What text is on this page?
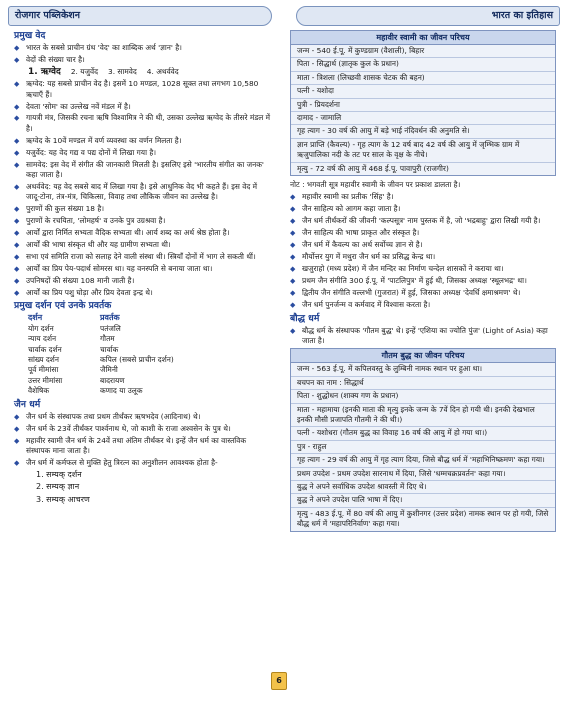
रोजगार पब्लिकेशन	भारत का इतिहास
प्रमुख वेद
◆ भारत के सबसे प्राचीन ग्रंथ 'वेद' का शाब्दिक अर्थ 'ज्ञान' है।
◆ वेदों की संख्या चार है।
1. ऋग्वेद 2. यजुर्वेद 3. सामवेद 4. अथर्ववेद
◆ ऋग्वेद: यह सबसे प्राचीन वेद है। इसमें 10 मण्डल, 1028 सूक्त तथा लगभग 10,580 ऋचाएँ हैं।
◆ देवता 'सोम' का उल्लेख नवें मंडल में है।
◆ गायत्री मंत्र, जिसकी रचना ऋषि विश्वामित्र ने की थी, उसका उल्लेख ऋग्वेद के तीसरे मंडल में है।
◆ ऋग्वेद के 10वें मण्डल में वर्ण व्यवस्था का वर्णन मिलता है।
◆ यजुर्वेद: यह वेद गद्य व पद्य दोनों में लिखा गया है।
◆ सामवेद: इस वेद में संगीत की जानकारी मिलती है। इसलिए इसे 'भारतीय संगीत का जनक' कहा जाता है।
◆ अथर्ववेद: यह वेद सबसे बाद में लिखा गया है। इसे आधुनिक वेद भी कहते हैं। इस वेद में जादू-टोना, तंत्र-मंत्र, चिकित्सा, विवाह तथा लौकिक जीवन का उल्लेख है।
◆ पुराणों की कुल संख्या 18 है।
◆ पुराणों के रचयिता, 'लोमहर्ष' व उनके पुत्र उग्रश्रवा है।
◆ आर्यों द्वारा निर्मित सभ्यता वैदिक सभ्यता थी। आर्य शब्द का अर्थ श्रेष्ठ होता है।
◆ आर्यों की भाषा संस्कृत थी और यह ग्रामीण सभ्यता थी।
◆ सभा एवं समिति राजा को सलाह देने वाली संस्था थी। स्त्रियाँ दोनों में भाग ले सकती थीं।
◆ आर्यों का प्रिय पेय-पदार्थ सोमरस था। यह वनस्पति से बनाया जाता था।
◆ उपनिषदों की संख्या 108 मानी जाती है।
◆ आर्यों का प्रिय पशु घोड़ा और प्रिय देवता इन्द्र थे।
प्रमुख दर्शन एवं उनके प्रवर्तक
दर्शन	प्रवर्तक
योग दर्शन	पतंजलि
न्याय दर्शन	गौतम
चार्वाक दर्शन	चार्वाक
सांख्य दर्शन	कपिल (सबसे प्राचीन दर्शन)
पूर्व मीमांसा	जैमिनी
उत्तर मीमांसा	बादरायण
वैशेषिक	कणाद या उलूक
जैन धर्म
◆ जैन धर्म के संस्थापक तथा प्रथम तीर्थंकर ऋषभदेव (आदिनाथ) थे।
◆ जैन धर्म के 23वें तीर्थंकर पार्श्वनाथ थे, जो काशी के राजा अश्वसेन के पुत्र थे।
◆ महावीर स्वामी जैन धर्म के 24वें तथा अंतिम तीर्थंकर थे। इन्हें जैन धर्म का वास्तविक संस्थापक माना जाता है।
◆ जैन धर्म में कर्मफल से मुक्ति हेतु त्रिरत्न का अनुशीलन आवश्यक होता है-
1. सम्यक् दर्शन
2. सम्यक् ज्ञान
3. सम्यक् आचरण
महावीर स्वामी का जीवन परिचय
जन्म - 540 ई.पू. में कुण्डग्राम (वैशाली), बिहार
पिता - सिद्धार्थ (ज्ञातृक कुल के प्रधान)
माता - त्रिशला (लिच्छवी शासक चेटक की बहन)
पत्नी - यशोदा
पुत्री - प्रियदर्शना
दामाद - जामालि
गृह त्याग - 30 वर्ष की आयु में बड़े भाई नंदिवर्धन की अनुमति से।
ज्ञान प्राप्ति (कैवल्य) - गृह त्याग के 12 वर्ष बाद 42 वर्ष की आयु में जृम्भिक ग्राम में ऋजुपालिका नदी के तट पर साल के वृक्ष के नीचे।
मृत्यु - 72 वर्ष की आयु में 468 ई.पू. पावापुरी (राजगीर)
नोट : भगवती सूत्र महावीर स्वामी के जीवन पर प्रकाश डालता है।
◆ महावीर स्वामी का प्रतीक 'सिंह' है।
◆ जैन साहित्य को आगम कहा जाता है।
◆ जैन धर्म तीर्थंकरों की जीवनी 'कल्पसूत्र' नाम पुस्तक में है, जो 'भद्रबाहु' द्वारा लिखी गयी है।
◆ जैन साहित्य की भाषा प्राकृत और संस्कृत है।
◆ जैन धर्म में कैवल्य का अर्थ सर्वोच्च ज्ञान से है।
◆ मौर्योत्तर युग में मथुरा जैन धर्म का प्रसिद्ध केन्द्र था।
◆ खजुराहो (मध्य प्रदेश) में जैन मन्दिर का निर्माण चन्देल शासकों ने कराया था।
◆ प्रथम जैन संगीति 300 ई.पू. में 'पाटलिपुत्र' में हुई थी, जिसका अध्यक्ष 'स्थूलभद्र' था।
◆ द्वितीय जैन संगीति वल्लभी (गुजरात) में हुई, जिसका अध्यक्ष 'देवर्धि क्षमाश्रमण' थे।
◆ जैन धर्म पुनर्जन्म व कर्मवाद में विश्वास करता है।
बौद्ध धर्म
◆ बौद्ध धर्म के संस्थापक 'गौतम बुद्ध' थे। इन्हें 'एशिया का ज्योति पुंज' (Light of Asia) कहा जाता है।
गौतम बुद्ध का जीवन परिचय
जन्म - 563 ई.पू. में कपिलवस्तु के लुम्बिनी नामक स्थान पर हुआ था।
बचपन का नाम : सिद्धार्थ
पिता - शुद्धोधन (शाक्य गण के प्रधान)
माता - महामाया (इनकी माता की मृत्यु इनके जन्म के 7वें दिन हो गयी थी। इनकी देखभाल इनकी मौसी प्रजापति गौतमी ने की थी।)
पत्नी - यशोधरा (गौतम बुद्ध का विवाह 16 वर्ष की आयु में हो गया था।)
पुत्र - राहुल
गृह त्याग - 29 वर्ष की आयु में गृह त्याग दिया, जिसे बौद्ध धर्म में 'महाभिनिष्क्रमण' कहा गया।
प्रथम उपदेश - प्रथम उपदेश सारनाथ में दिया, जिसे 'धम्मचक्रप्रवर्तन' कहा गया।
बुद्ध ने अपने सर्वाधिक उपदेश श्रावस्ती में दिए थे।
बुद्ध ने अपने उपदेश पालि भाषा में दिए।
मृत्यु - 483 ई.पू. में 80 वर्ष की आयु में कुशीनगर (उत्तर प्रदेश) नामक स्थान पर हो गयी, जिसे बौद्ध धर्म में 'महापरिनिर्वाण' कहा गया।
6
